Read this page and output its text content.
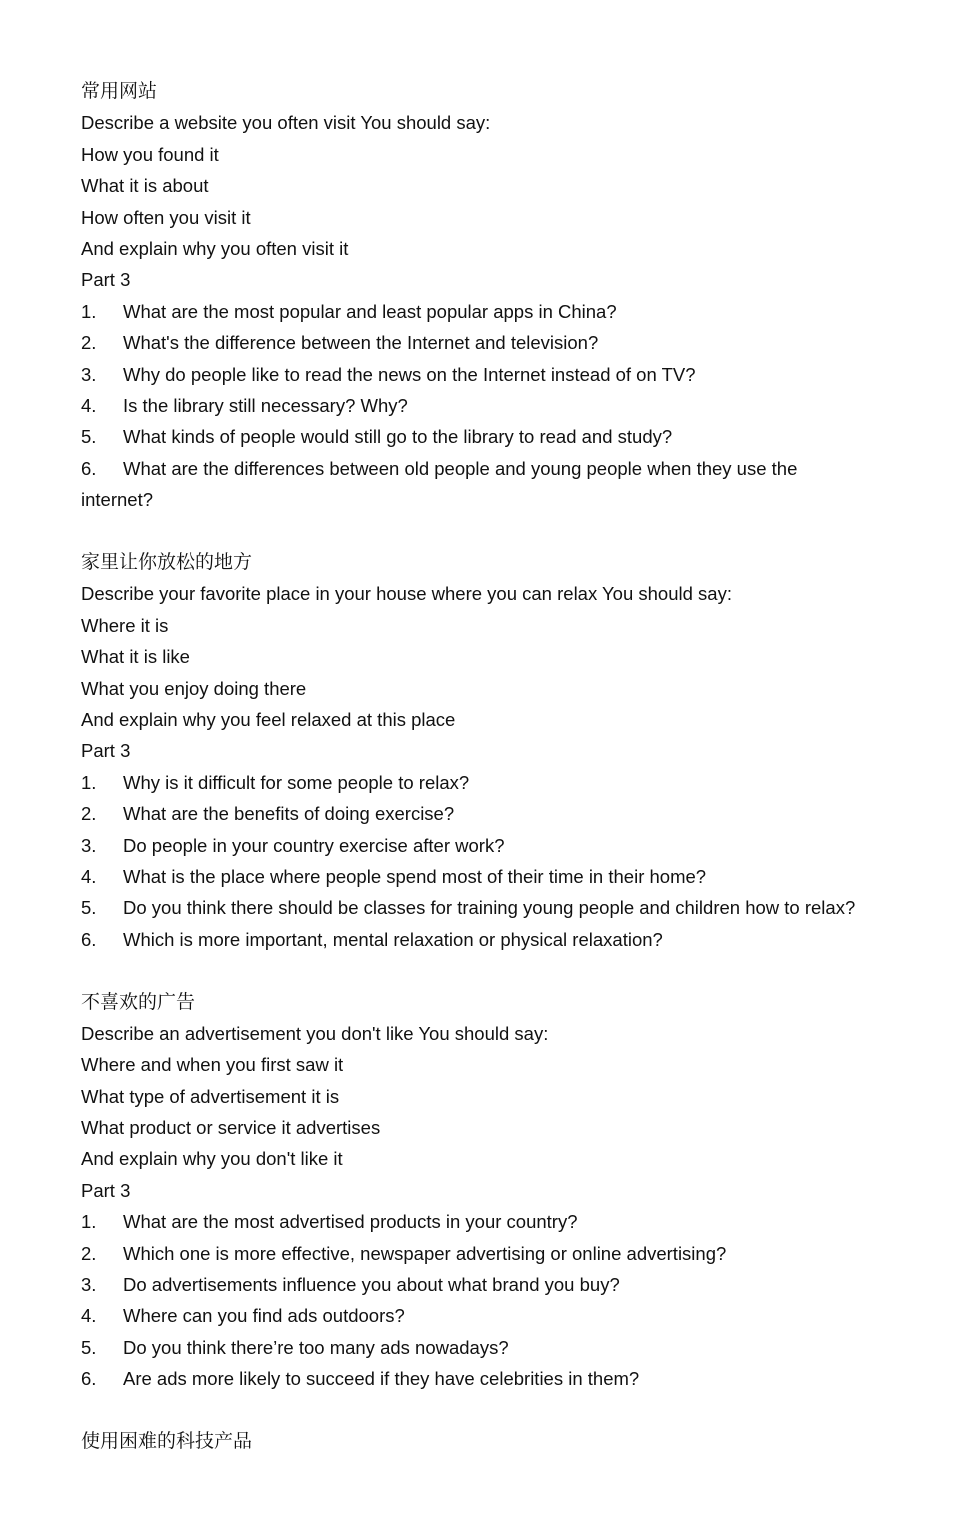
常用网站
Describe a website you often visit You should say:
How you found it
What it is about
How often you visit it
And explain why you often visit it
Part 3
1. What are the most popular and least popular apps in China?
2. What's the difference between the Internet and television?
3. Why do people like to read the news on the Internet instead of on TV?
4. Is the library still necessary? Why?
5. What kinds of people would still go to the library to read and study?
6. What are the differences between old people and young people when they use the
internet?
家里让你放松的地方
Describe your favorite place in your house where you can relax You should say:
Where it is
What it is like
What you enjoy doing there
And explain why you feel relaxed at this place
Part 3
1. Why is it difficult for some people to relax?
2. What are the benefits of doing exercise?
3. Do people in your country exercise after work?
4. What is the place where people spend most of their time in their home?
5. Do you think there should be classes for training young people and children how to relax?
6. Which is more important, mental relaxation or physical relaxation?
不喜欢的广告
Describe an advertisement you don't like You should say:
Where and when you first saw it
What type of advertisement it is
What product or service it advertises
And explain why you don't like it
Part 3
1. What are the most advertised products in your country?
2. Which one is more effective, newspaper advertising or online advertising?
3. Do advertisements influence you about what brand you buy?
4. Where can you find ads outdoors?
5. Do you think there’re too many ads nowadays?
6. Are ads more likely to succeed if they have celebrities in them?
使用困难的科技产品
